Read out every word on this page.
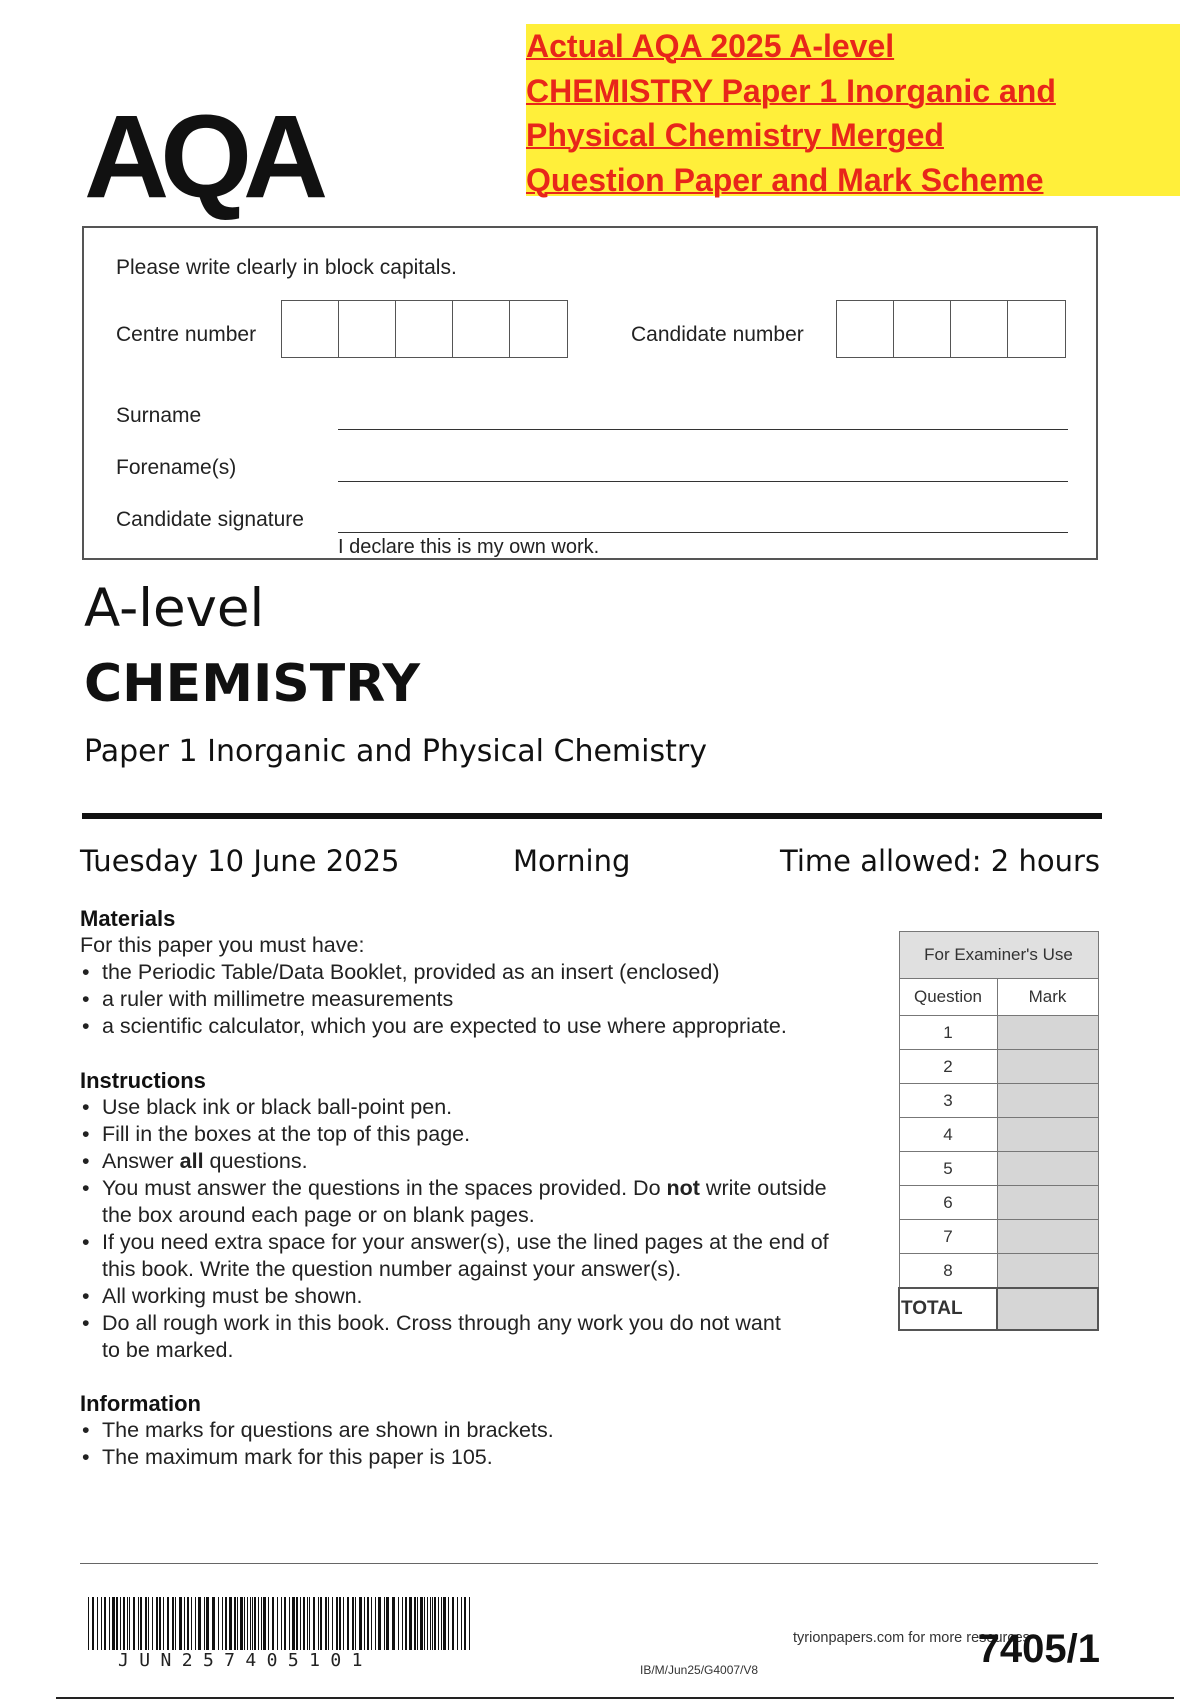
Actual AQA 2025 A-level
CHEMISTRY Paper 1 Inorganic and
Physical Chemistry Merged
Question Paper and Mark Scheme
AQA
Please write clearly in block capitals.
Centre number	Candidate number
Surname
Forename(s)
Candidate signature
I declare this is my own work.
A-level
CHEMISTRY
Paper 1 Inorganic and Physical Chemistry
Tuesday 10 June 2025	Morning	Time allowed: 2 hours
Materials
For this paper you must have:
• the Periodic Table/Data Booklet, provided as an insert (enclosed)
• a ruler with millimetre measurements
• a scientific calculator, which you are expected to use where appropriate.
Instructions
• Use black ink or black ball-point pen.
• Fill in the boxes at the top of this page.
• Answer all questions.
• You must answer the questions in the spaces provided. Do not write outside the box around each page or on blank pages.
• If you need extra space for your answer(s), use the lined pages at the end of this book. Write the question number against your answer(s).
• All working must be shown.
• Do all rough work in this book. Cross through any work you do not want to be marked.
Information
• The marks for questions are shown in brackets.
• The maximum mark for this paper is 105.
For Examiner's Use	
Question	Mark
1	
2	
3	
4	
5	
6	
7	
8	
TOTAL	
JUN257405101	IB/M/Jun25/G4007/V8
tyrionpapers.com for more resources
7405/1
